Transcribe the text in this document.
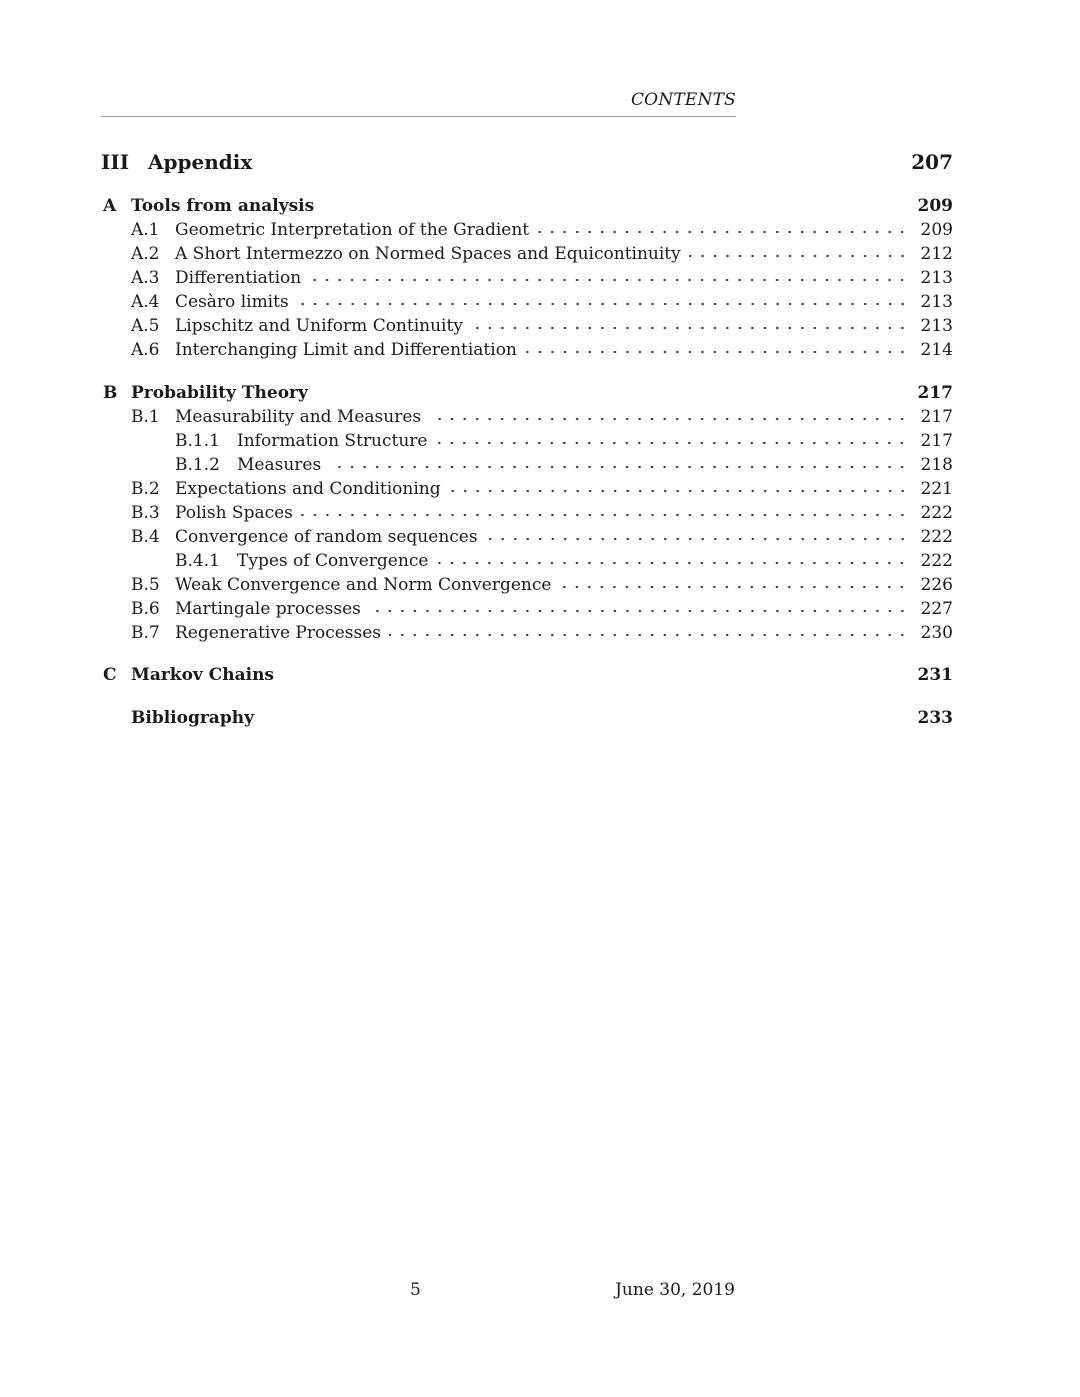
CONTENTS
III Appendix	207
A Tools from analysis	209
A.1 Geometric Interpretation of the Gradient	209
A.2 A Short Intermezzo on Normed Spaces and Equicontinuity	212
A.3 Differentiation	213
A.4 Cesàro limits	213
A.5 Lipschitz and Uniform Continuity	213
A.6 Interchanging Limit and Differentiation	214
B Probability Theory	217
B.1 Measurability and Measures	217
B.1.1	Information Structure	217
B.1.2	Measures	218
B.2 Expectations and Conditioning	221
B.3 Polish Spaces	222
B.4 Convergence of random sequences	222
B.4.1	Types of Convergence	222
B.5 Weak Convergence and Norm Convergence	226
B.6 Martingale processes	227
B.7 Regenerative Processes	230
C Markov Chains	231
Bibliography	233
5	June 30, 2019
